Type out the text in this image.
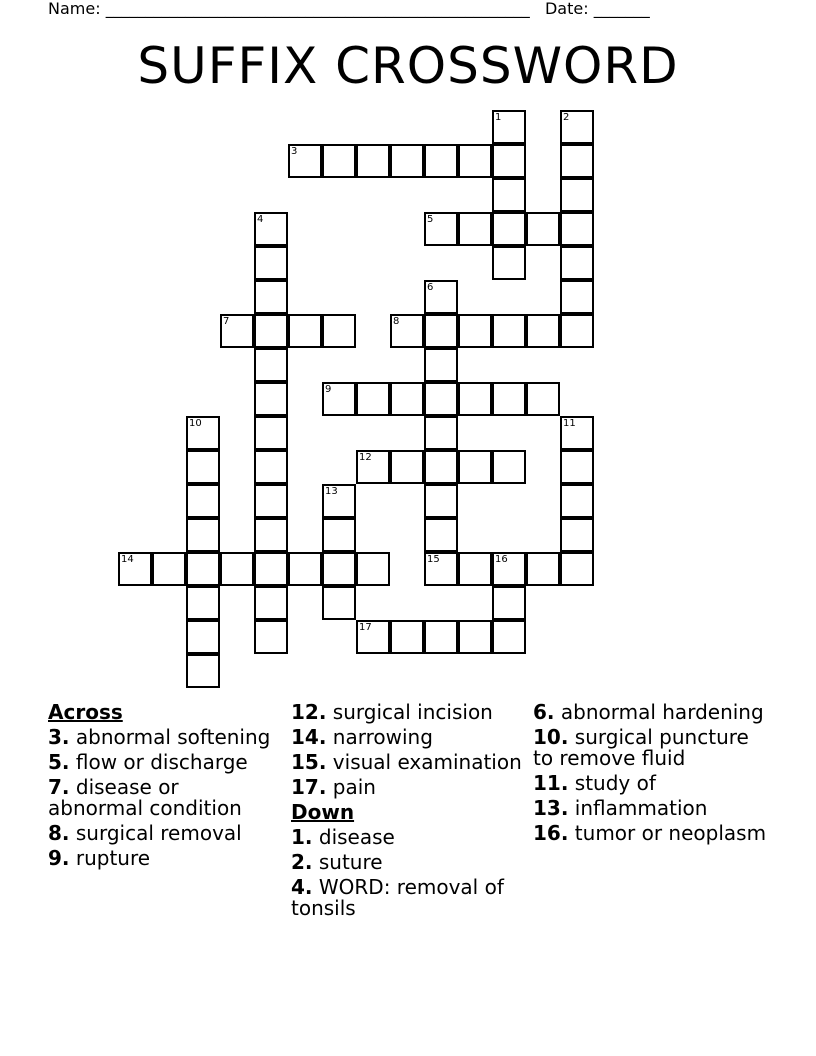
Name: _____________________________________________________ Date: _______
SUFFIX CROSSWORD
1	2
3
4	5
6
15
7	8
9
10	11
12
13
14	16
17
Across
3. abnormal softening
5. flow or discharge
7. disease or abnormal condition
8. surgical removal
9. rupture
12. surgical incision
14. narrowing
15. visual examination
17. pain
Down
1. disease
2. suture
4. WORD: removal of tonsils
6. abnormal hardening
10. surgical puncture to remove fluid
11. study of
13. inflammation
16. tumor or neoplasm
